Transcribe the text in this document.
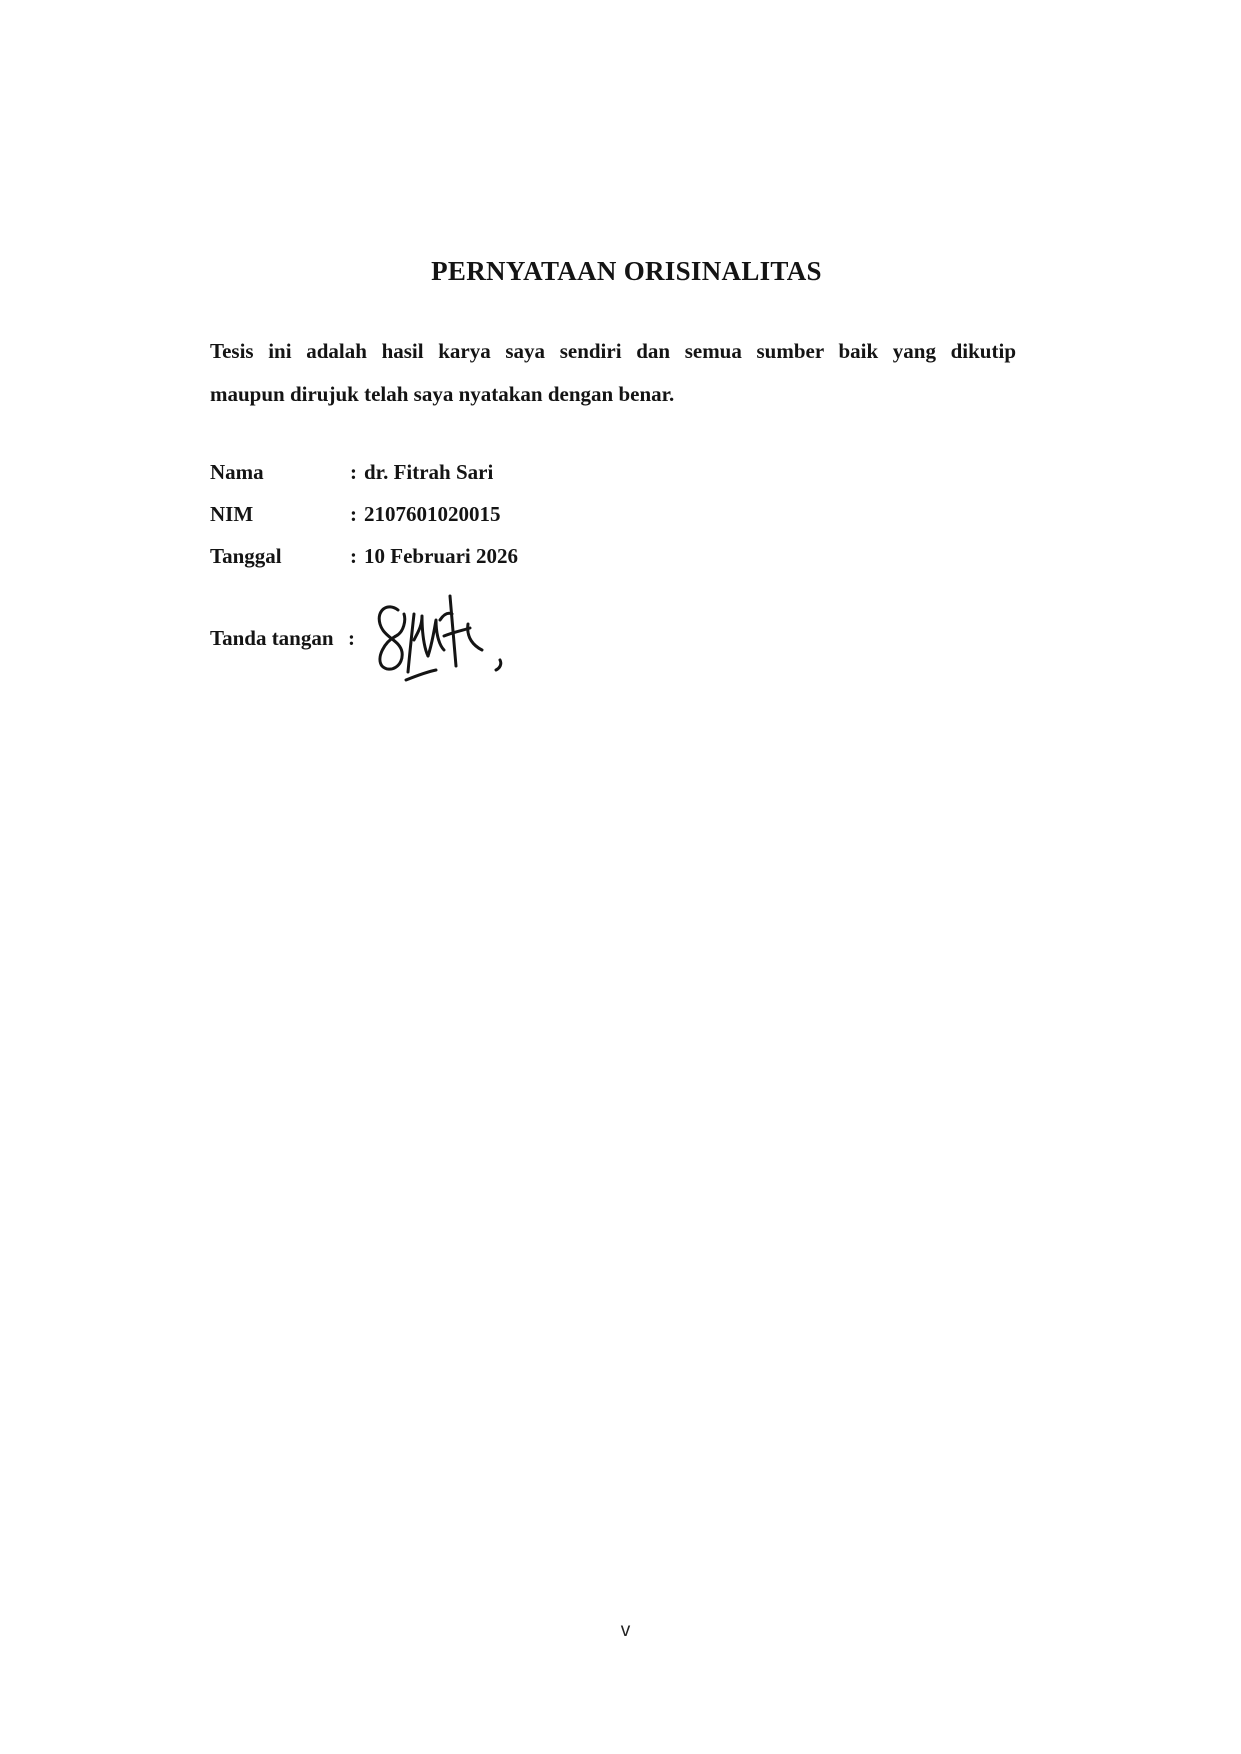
PERNYATAAN ORISINALITAS
Tesis ini adalah hasil karya saya sendiri dan semua sumber baik yang dikutip
maupun dirujuk telah saya nyatakan dengan benar.
Nama	: dr. Fitrah Sari
NIM	: 2107601020015
Tanggal	: 10 Februari 2026
Tanda tangan :
v
